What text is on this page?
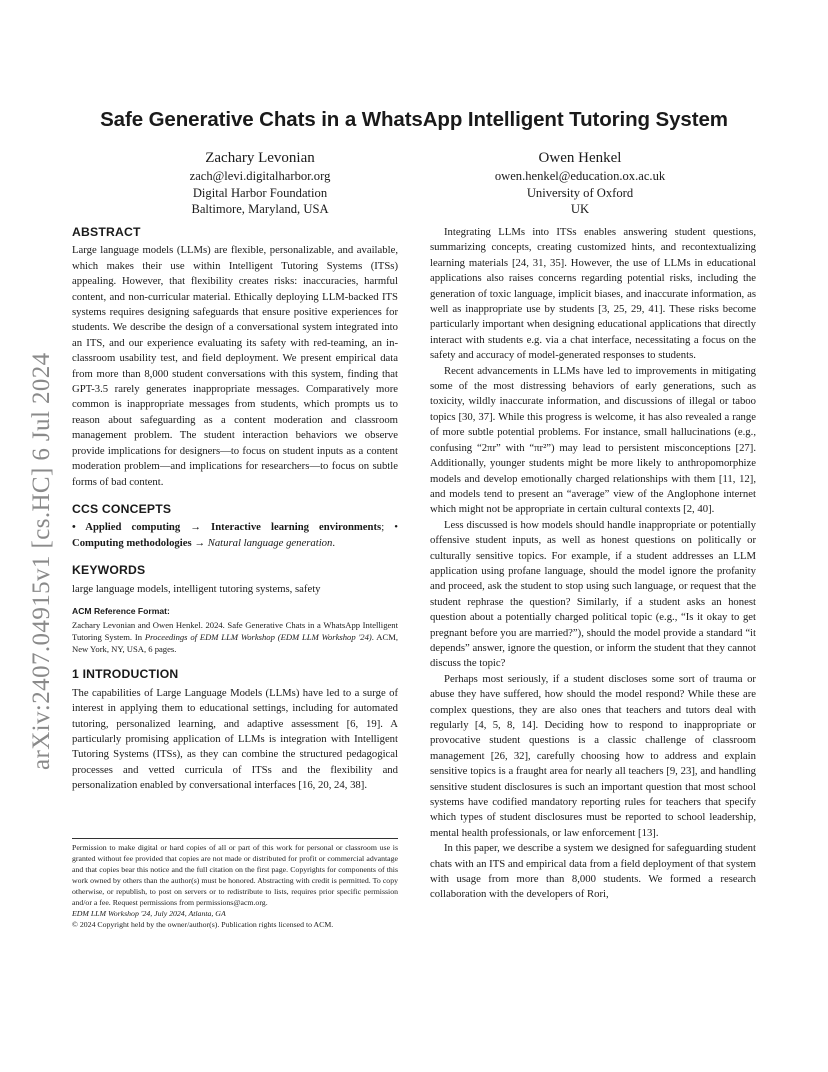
arXiv:2407.04915v1 [cs.HC] 6 Jul 2024
Safe Generative Chats in a WhatsApp Intelligent Tutoring System
Zachary Levonian
zach@levi.digitalharbor.org
Digital Harbor Foundation
Baltimore, Maryland, USA
Owen Henkel
owen.henkel@education.ox.ac.uk
University of Oxford
UK
ABSTRACT

Large language models (LLMs) are flexible, personalizable, and available, which makes their use within Intelligent Tutoring Systems (ITSs) appealing. However, that flexibility creates risks: inaccuracies, harmful content, and non-curricular material. Ethically deploying LLM-backed ITS systems requires designing safeguards that ensure positive experiences for students. We describe the design of a conversational system integrated into an ITS, and our experience evaluating its safety with red-teaming, an in-classroom usability test, and field deployment. We present empirical data from more than 8,000 student conversations with this system, finding that GPT-3.5 rarely generates inappropriate messages. Comparatively more common is inappropriate messages from students, which prompts us to reason about safeguarding as a content moderation and classroom management problem. The student interaction behaviors we observe provide implications for designers—to focus on student inputs as a content moderation problem—and implications for researchers—to focus on subtle forms of bad content.

CCS CONCEPTS

• Applied computing → Interactive learning environments; • Computing methodologies → Natural language generation.

KEYWORDS

large language models, intelligent tutoring systems, safety

ACM Reference Format:

Zachary Levonian and Owen Henkel. 2024. Safe Generative Chats in a WhatsApp Intelligent Tutoring System. In Proceedings of EDM LLM Workshop (EDM LLM Workshop '24). ACM, New York, NY, USA, 6 pages.

1 INTRODUCTION

The capabilities of Large Language Models (LLMs) have led to a surge of interest in applying them to educational settings, including for automated tutoring, personalized learning, and adaptive assessment [6, 19]. A particularly promising application of LLMs is integration with Intelligent Tutoring Systems (ITSs), as they can combine the structured pedagogical processes and vetted curricula of ITSs and the flexibility and personalization enabled by conversational interfaces [16, 20, 24, 38].

Permission to make digital or hard copies of all or part of this work for personal or classroom use is granted without fee provided that copies are not made or distributed for profit or commercial advantage and that copies bear this notice and the full citation on the first page. Copyrights for components of this work owned by others than the author(s) must be honored. Abstracting with credit is permitted. To copy otherwise, or republish, to post on servers or to redistribute to lists, requires prior specific permission and/or a fee. Request permissions from permissions@acm.org.

EDM LLM Workshop '24, July 2024, Atlanta, GA

© 2024 Copyright held by the owner/author(s). Publication rights licensed to ACM.

Integrating LLMs into ITSs enables answering student questions, summarizing concepts, creating customized hints, and recontextualizing learning materials [24, 31, 35]. However, the use of LLMs in educational applications also raises concerns regarding potential risks, including the generation of toxic language, implicit biases, and inaccurate information, as well as inappropriate use by students [3, 25, 29, 41]. These risks become particularly important when designing educational applications that directly interact with students e.g. via a chat interface, necessitating a focus on the safety and accuracy of model-generated responses to students.

Recent advancements in LLMs have led to improvements in mitigating some of the most distressing behaviors of early generations, such as toxicity, wildly inaccurate information, and discussions of illegal or taboo topics [30, 37]. While this progress is welcome, it has also revealed a range of more subtle potential problems. For instance, small hallucinations (e.g., confusing “2πr” with “πr²”) may lead to persistent misconceptions [27]. Additionally, younger students might be more likely to anthropomorphize models and develop emotionally charged relationships with them [11, 12], and models tend to present an “average” view of the Anglophone internet which might not be appropriate in certain cultural contexts [2, 40].

Less discussed is how models should handle inappropriate or potentially offensive student inputs, as well as honest questions on politically or culturally sensitive topics. For example, if a student addresses an LLM application using profane language, should the model ignore the profanity and proceed, ask the student to stop using such language, or request that the student rephrase the question? Similarly, if a student asks an honest question about a potentially charged political topic (e.g., “Is it okay to get pregnant before you are married?”), should the model provide a standard “it depends” answer, ignore the question, or inform the student that they cannot discuss the topic?

Perhaps most seriously, if a student discloses some sort of trauma or abuse they have suffered, how should the model respond? While these are complex questions, they are also ones that teachers and tutors deal with regularly [4, 5, 8, 14]. Deciding how to respond to inappropriate or provocative student questions is a classic challenge of classroom management [26, 32], carefully choosing how to address and explain sensitive topics is a fraught area for nearly all teachers [9, 23], and handling sensitive student disclosures is such an important question that most school systems have codified mandatory reporting rules for teachers that specify which types of student disclosures must be reported to school leadership, mental health professionals, or law enforcement [13].

In this paper, we describe a system we designed for safeguarding student chats with an ITS and empirical data from a field deployment of that system with usage from more than 8,000 students. We formed a research collaboration with the developers of Rori,
